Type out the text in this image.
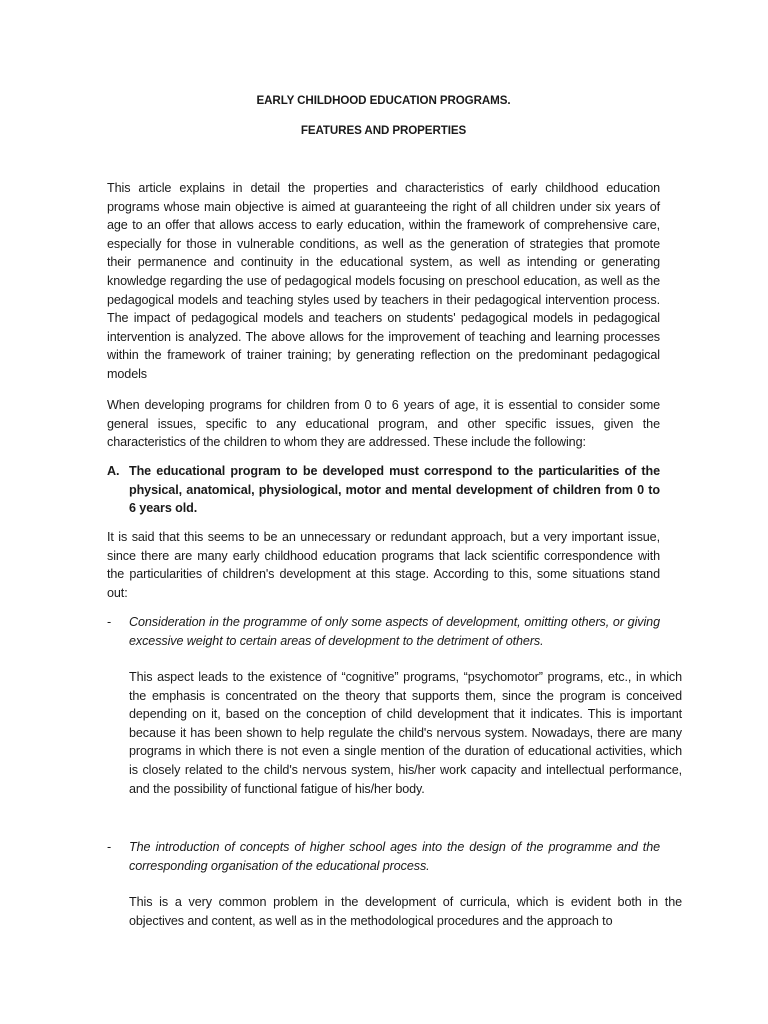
EARLY CHILDHOOD EDUCATION PROGRAMS.

FEATURES AND PROPERTIES

This article explains in detail the properties and characteristics of early childhood education programs whose main objective is aimed at guaranteeing the right of all children under six years of age to an offer that allows access to early education, within the framework of comprehensive care, especially for those in vulnerable conditions, as well as the generation of strategies that promote their permanence and continuity in the educational system, as well as intending or generating knowledge regarding the use of pedagogical models focusing on preschool education, as well as the pedagogical models and teaching styles used by teachers in their pedagogical intervention process. The impact of pedagogical models and teachers on students' pedagogical models in pedagogical intervention is analyzed. The above allows for the improvement of teaching and learning processes within the framework of trainer training; by generating reflection on the predominant pedagogical models

When developing programs for children from 0 to 6 years of age, it is essential to consider some general issues, specific to any educational program, and other specific issues, given the characteristics of the children to whom they are addressed. These include the following:

A. The educational program to be developed must correspond to the particularities of the physical, anatomical, physiological, motor and mental development of children from 0 to 6 years old.

It is said that this seems to be an unnecessary or redundant approach, but a very important issue, since there are many early childhood education programs that lack scientific correspondence with the particularities of children's development at this stage. According to this, some situations stand out:

-	Consideration in the programme of only some aspects of development, omitting others, or giving excessive weight to certain areas of development to the detriment of others.

This aspect leads to the existence of “cognitive” programs, “psychomotor” programs, etc., in which the emphasis is concentrated on the theory that supports them, since the program is conceived depending on it, based on the conception of child development that it indicates. This is important because it has been shown to help regulate the child's nervous system. Nowadays, there are many programs in which there is not even a single mention of the duration of educational activities, which is closely related to the child's nervous system, his/her work capacity and intellectual performance, and the possibility of functional fatigue of his/her body.

-	The introduction of concepts of higher school ages into the design of the programme and the corresponding organisation of the educational process.

This is a very common problem in the development of curricula, which is evident both in the objectives and content, as well as in the methodological procedures and the approach to
